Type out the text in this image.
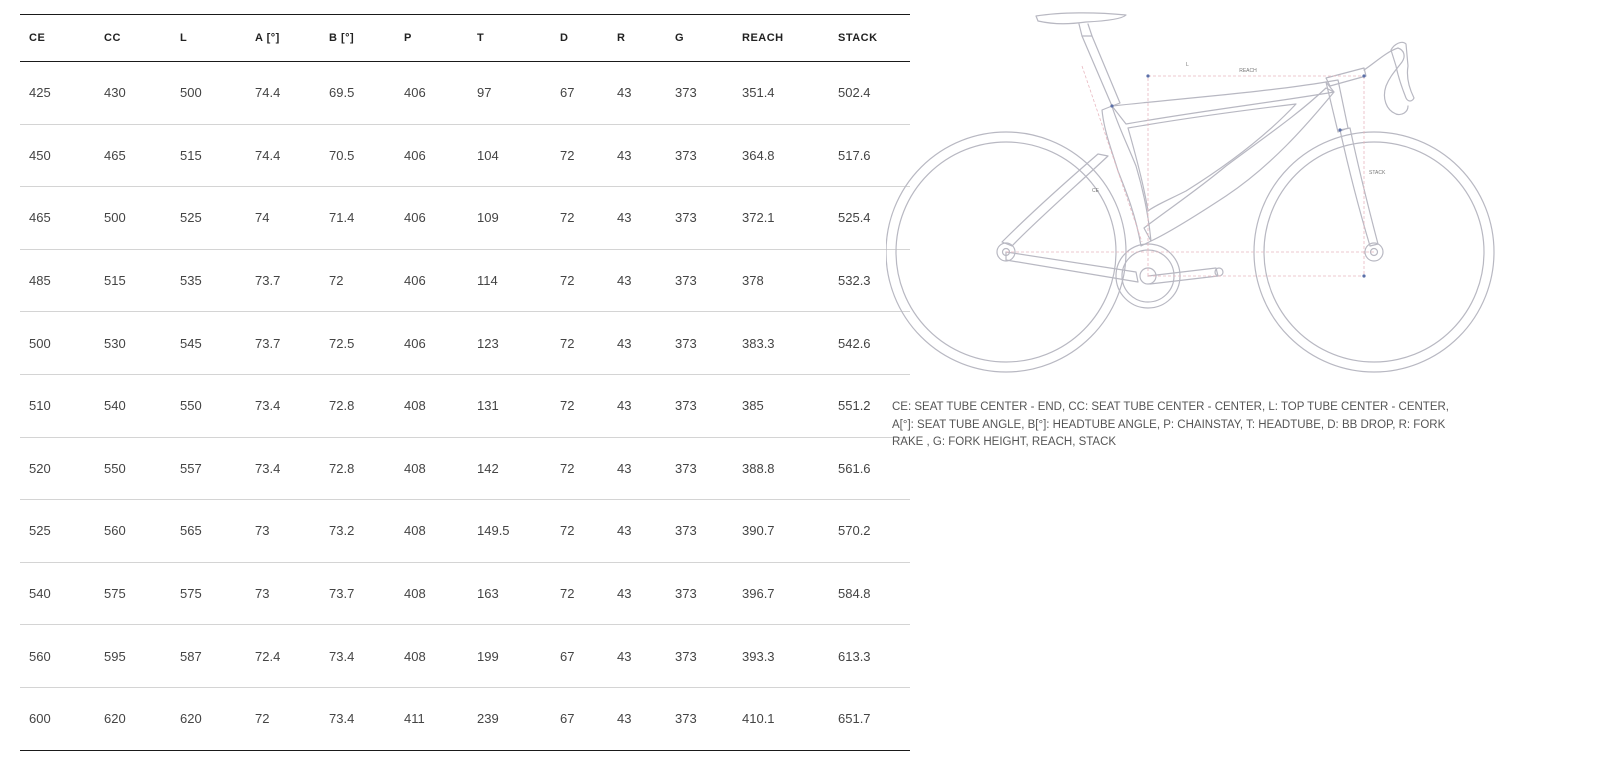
CE	CC	L	A [°]	B [°]	P	T	D	R	G	REACH	STACK
425	430	500	74.4	69.5	406	97	67	43	373	351.4	502.4
450	465	515	74.4	70.5	406	104	72	43	373	364.8	517.6
465	500	525	74	71.4	406	109	72	43	373	372.1	525.4
485	515	535	73.7	72	406	114	72	43	373	378	532.3
500	530	545	73.7	72.5	406	123	72	43	373	383.3	542.6
510	540	550	73.4	72.8	408	131	72	43	373	385	551.2
520	550	557	73.4	72.8	408	142	72	43	373	388.8	561.6
525	560	565	73	73.2	408	149.5	72	43	373	390.7	570.2
540	575	575	73	73.7	408	163	72	43	373	396.7	584.8
560	595	587	72.4	73.4	408	199	67	43	373	393.3	613.3
600	620	620	72	73.4	411	239	67	43	373	410.1	651.7
REACH
STACK
CE
L

CE: SEAT TUBE CENTER - END, CC: SEAT TUBE CENTER - CENTER, L: TOP TUBE CENTER - CENTER, A[°]: SEAT TUBE ANGLE, B[°]: HEADTUBE ANGLE, P: CHAINSTAY, T: HEADTUBE, D: BB DROP, R: FORK RAKE , G: FORK HEIGHT, REACH, STACK
